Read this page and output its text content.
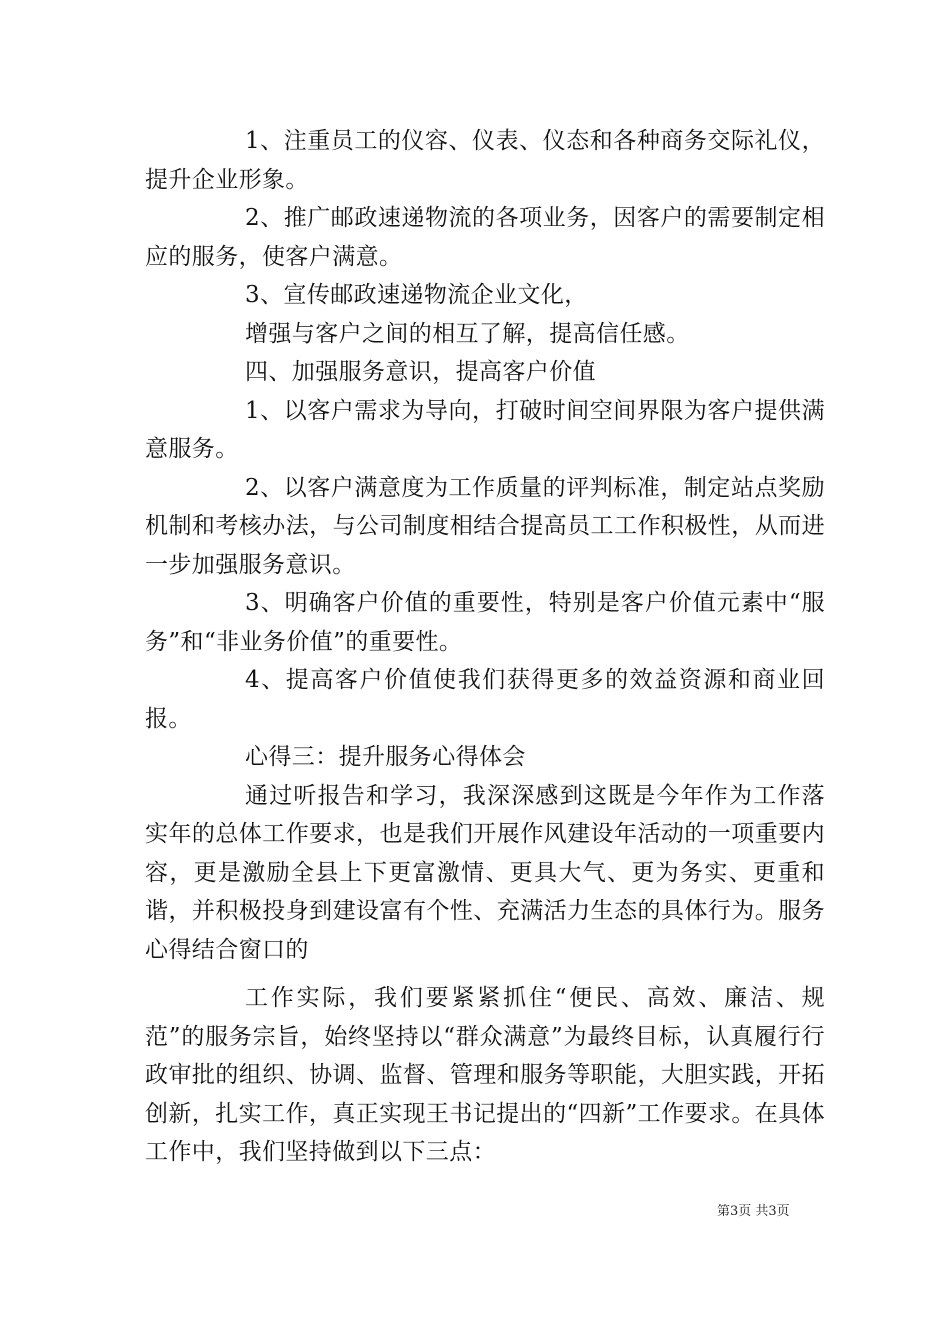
1、注重员工的仪容、仪表、仪态和各种商务交际礼仪，提升企业形象。

2、推广邮政速递物流的各项业务，因客户的需要制定相应的服务，使客户满意。

3、宣传邮政速递物流企业文化，

增强与客户之间的相互了解，提高信任感。

四、加强服务意识，提高客户价值

1、以客户需求为导向，打破时间空间界限为客户提供满意服务。

2、以客户满意度为工作质量的评判标准，制定站点奖励机制和考核办法，与公司制度相结合提高员工工作积极性，从而进一步加强服务意识。

3、明确客户价值的重要性，特别是客户价值元素中“服务”和“非业务价值”的重要性。

4、提高客户价值使我们获得更多的效益资源和商业回报。

心得三：提升服务心得体会

通过听报告和学习，我深深感到这既是今年作为工作落实年的总体工作要求，也是我们开展作风建设年活动的一项重要内容，更是激励全县上下更富激情、更具大气、更为务实、更重和谐，并积极投身到建设富有个性、充满活力生态的具体行为。服务心得结合窗口的

工作实际，我们要紧紧抓住“便民、高效、廉洁、规范”的服务宗旨，始终坚持以“群众满意”为最终目标，认真履行行政审批的组织、协调、监督、管理和服务等职能，大胆实践，开拓创新，扎实工作，真正实现王书记提出的“四新”工作要求。在具体工作中，我们坚持做到以下三点：

第3页 共3页
